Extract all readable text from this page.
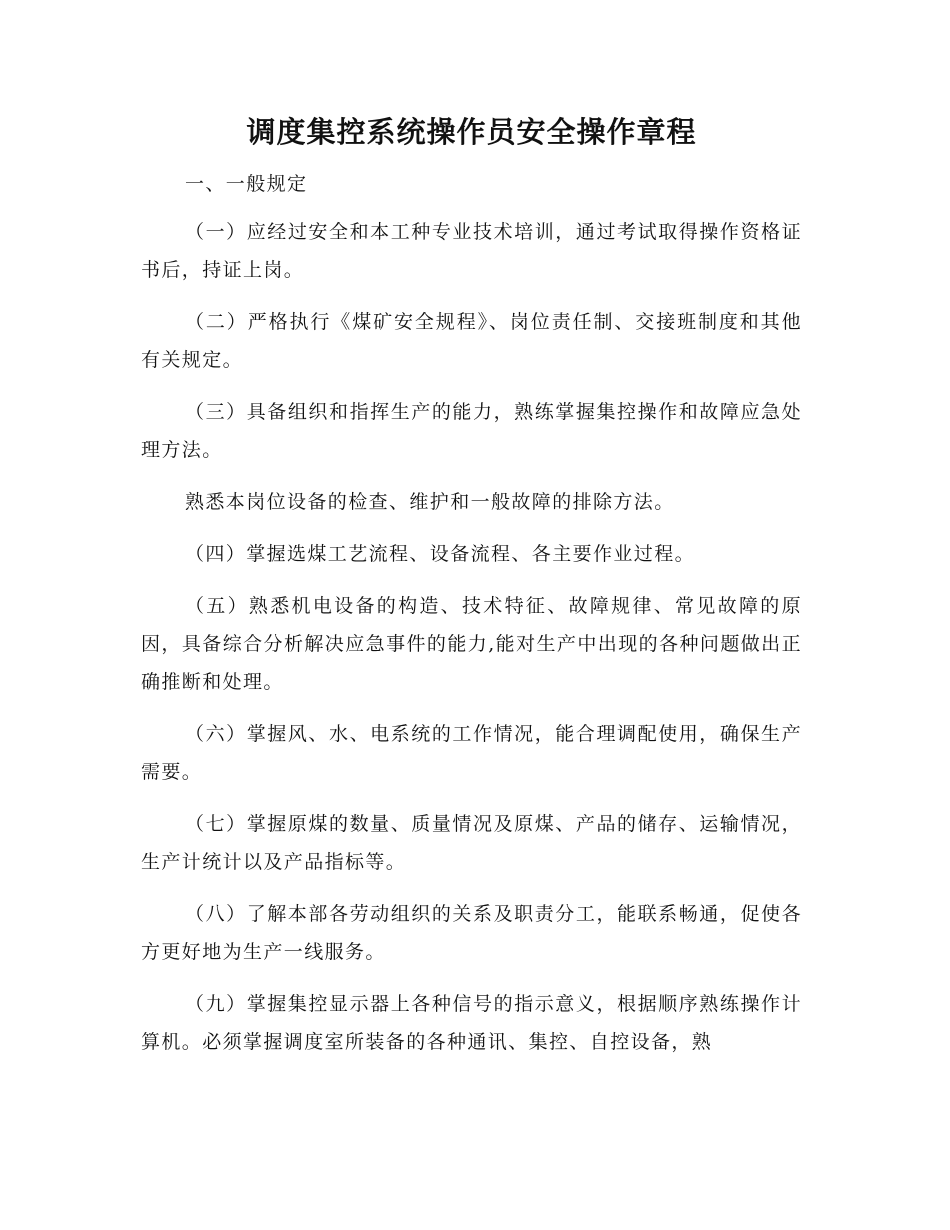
调度集控系统操作员安全操作章程

一、一般规定

（一）应经过安全和本工种专业技术培训，通过考试取得操作资格证书后，持证上岗。

（二）严格执行《煤矿安全规程》、岗位责任制、交接班制度和其他有关规定。

（三）具备组织和指挥生产的能力，熟练掌握集控操作和故障应急处理方法。

熟悉本岗位设备的检查、维护和一般故障的排除方法。

（四）掌握选煤工艺流程、设备流程、各主要作业过程。

（五）熟悉机电设备的构造、技术特征、故障规律、常见故障的原因，具备综合分析解决应急事件的能力,能对生产中出现的各种问题做出正确推断和处理。

（六）掌握风、水、电系统的工作情况，能合理调配使用，确保生产需要。

（七）掌握原煤的数量、质量情况及原煤、产品的储存、运输情况，生产计统计以及产品指标等。

（八）了解本部各劳动组织的关系及职责分工，能联系畅通，促使各方更好地为生产一线服务。

（九）掌握集控显示器上各种信号的指示意义，根据顺序熟练操作计算机。必须掌握调度室所装备的各种通讯、集控、自控设备，熟
